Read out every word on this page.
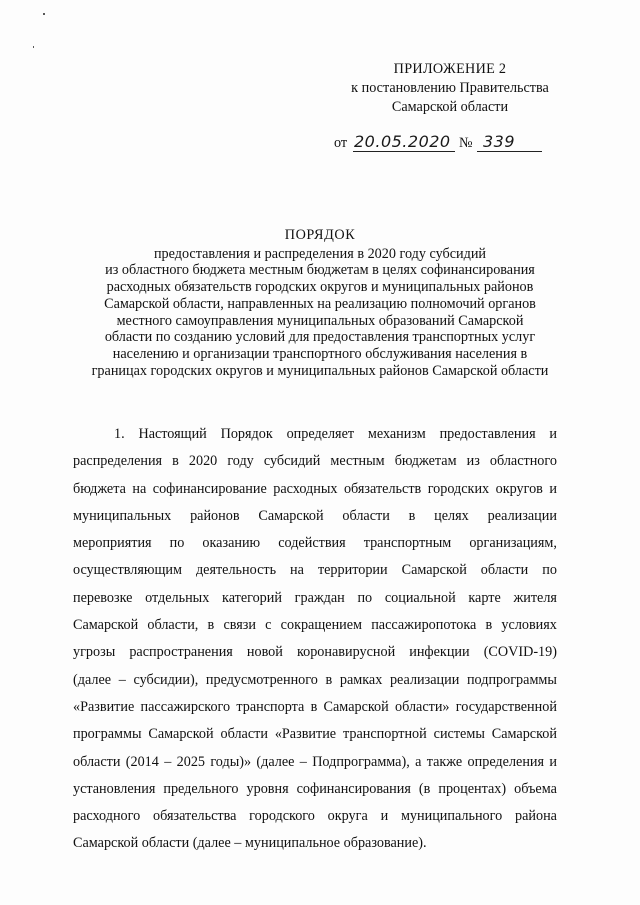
ПРИЛОЖЕНИЕ 2
к постановлению Правительства
Самарской области
от 20.05.2020 № 339
ПОРЯДОК
предоставления и распределения в 2020 году субсидий
из областного бюджета местным бюджетам в целях софинансирования
расходных обязательств городских округов и муниципальных районов
Самарской области, направленных на реализацию полномочий органов
местного самоуправления муниципальных образований Самарской
области по созданию условий для предоставления транспортных услуг
населению и организации транспортного обслуживания населения в
границах городских округов и муниципальных районов Самарской области
1. Настоящий Порядок определяет механизм предоставления и
распределения в 2020 году субсидий местным бюджетам из областного
бюджета на софинансирование расходных обязательств городских округов и
муниципальных районов Самарской области в целях реализации
мероприятия по оказанию содействия транспортным организациям,
осуществляющим деятельность на территории Самарской области по
перевозке отдельных категорий граждан по социальной карте жителя
Самарской области, в связи с сокращением пассажиропотока в условиях
угрозы распространения новой коронавирусной инфекции (COVID-19)
(далее – субсидии), предусмотренного в рамках реализации подпрограммы
«Развитие пассажирского транспорта в Самарской области» государственной
программы Самарской области «Развитие транспортной системы Самарской
области (2014 – 2025 годы)» (далее – Подпрограмма), а также определения и
установления предельного уровня софинансирования (в процентах) объема
расходного обязательства городского округа и муниципального района
Самарской области (далее – муниципальное образование).
